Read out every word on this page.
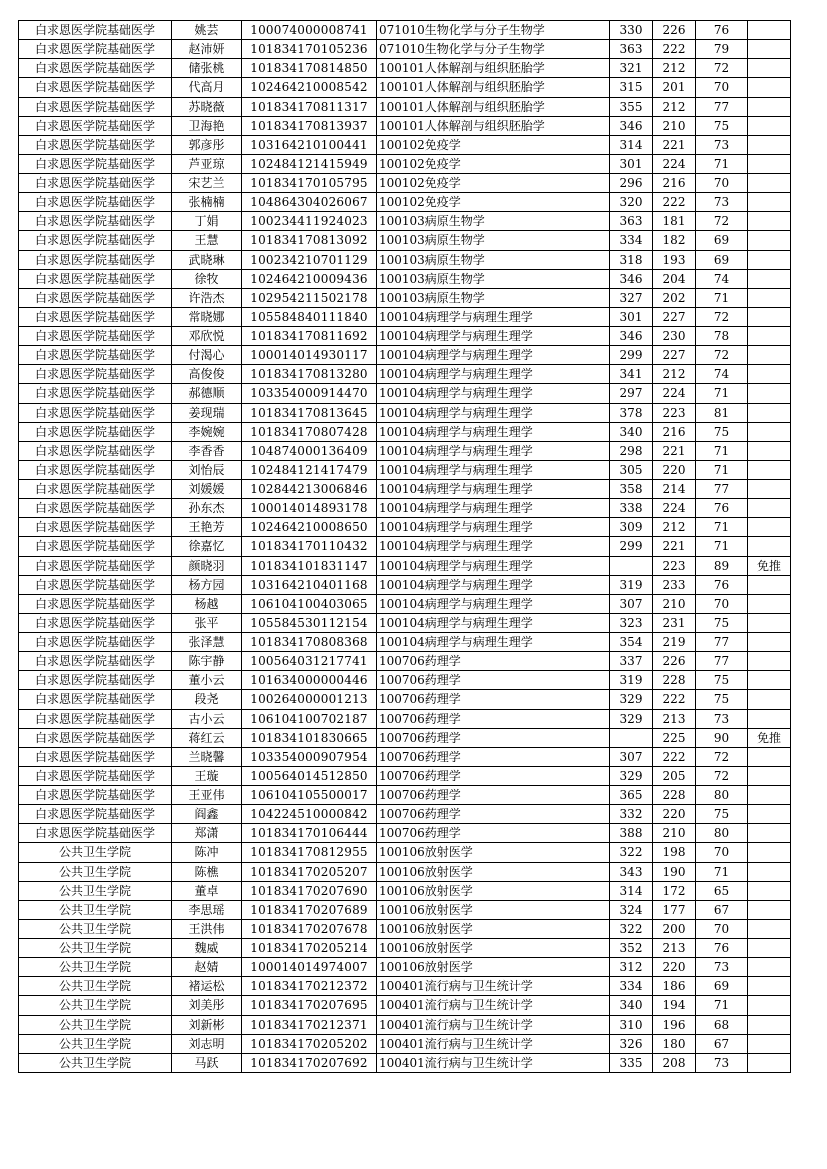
白求恩医学院基础医学	姚芸	100074000008741	071010生物化学与分子生物学	330	226	76	
白求恩医学院基础医学	赵沛妍	101834170105236	071010生物化学与分子生物学	363	222	79	
白求恩医学院基础医学	储张桃	101834170814850	100101人体解剖与组织胚胎学	321	212	72	
白求恩医学院基础医学	代高月	102464210008542	100101人体解剖与组织胚胎学	315	201	70	
白求恩医学院基础医学	苏晓薇	101834170811317	100101人体解剖与组织胚胎学	355	212	77	
白求恩医学院基础医学	卫海艳	101834170813937	100101人体解剖与组织胚胎学	346	210	75	
白求恩医学院基础医学	郭彦彤	103164210100441	100102免疫学	314	221	73	
白求恩医学院基础医学	芦亚琼	102484121415949	100102免疫学	301	224	71	
白求恩医学院基础医学	宋艺兰	101834170105795	100102免疫学	296	216	70	
白求恩医学院基础医学	张楠楠	104864304026067	100102免疫学	320	222	73	
白求恩医学院基础医学	丁娟	100234411924023	100103病原生物学	363	181	72	
白求恩医学院基础医学	王慧	101834170813092	100103病原生物学	334	182	69	
白求恩医学院基础医学	武晓琳	100234210701129	100103病原生物学	318	193	69	
白求恩医学院基础医学	徐牧	102464210009436	100103病原生物学	346	204	74	
白求恩医学院基础医学	许浩杰	102954211502178	100103病原生物学	327	202	71	
白求恩医学院基础医学	常晓娜	105584840111840	100104病理学与病理生理学	301	227	72	
白求恩医学院基础医学	邓欣悦	101834170811692	100104病理学与病理生理学	346	230	78	
白求恩医学院基础医学	付渴心	100014014930117	100104病理学与病理生理学	299	227	72	
白求恩医学院基础医学	高俊俊	101834170813280	100104病理学与病理生理学	341	212	74	
白求恩医学院基础医学	郝德顺	103354000914470	100104病理学与病理生理学	297	224	71	
白求恩医学院基础医学	姜现瑞	101834170813645	100104病理学与病理生理学	378	223	81	
白求恩医学院基础医学	李婉婉	101834170807428	100104病理学与病理生理学	340	216	75	
白求恩医学院基础医学	李香香	104874000136409	100104病理学与病理生理学	298	221	71	
白求恩医学院基础医学	刘怡辰	102484121417479	100104病理学与病理生理学	305	220	71	
白求恩医学院基础医学	刘媛媛	102844213006846	100104病理学与病理生理学	358	214	77	
白求恩医学院基础医学	孙东杰	100014014893178	100104病理学与病理生理学	338	224	76	
白求恩医学院基础医学	王艳芳	102464210008650	100104病理学与病理生理学	309	212	71	
白求恩医学院基础医学	徐嘉忆	101834170110432	100104病理学与病理生理学	299	221	71	
白求恩医学院基础医学	颜晓羽	101834101831147	100104病理学与病理生理学		223	89	免推
白求恩医学院基础医学	杨方园	103164210401168	100104病理学与病理生理学	319	233	76	
白求恩医学院基础医学	杨越	106104100403065	100104病理学与病理生理学	307	210	70	
白求恩医学院基础医学	张平	105584530112154	100104病理学与病理生理学	323	231	75	
白求恩医学院基础医学	张泽慧	101834170808368	100104病理学与病理生理学	354	219	77	
白求恩医学院基础医学	陈宇静	100564031217741	100706药理学	337	226	77	
白求恩医学院基础医学	董小云	101634000000446	100706药理学	319	228	75	
白求恩医学院基础医学	段尧	100264000001213	100706药理学	329	222	75	
白求恩医学院基础医学	古小云	106104100702187	100706药理学	329	213	73	
白求恩医学院基础医学	蒋红云	101834101830665	100706药理学		225	90	免推
白求恩医学院基础医学	兰晓馨	103354000907954	100706药理学	307	222	72	
白求恩医学院基础医学	王璇	100564014512850	100706药理学	329	205	72	
白求恩医学院基础医学	王亚伟	106104105500017	100706药理学	365	228	80	
白求恩医学院基础医学	阎鑫	104224510000842	100706药理学	332	220	75	
白求恩医学院基础医学	郑潇	101834170106444	100706药理学	388	210	80	
公共卫生学院	陈冲	101834170812955	100106放射医学	322	198	70	
公共卫生学院	陈樵	101834170205207	100106放射医学	343	190	71	
公共卫生学院	董卓	101834170207690	100106放射医学	314	172	65	
公共卫生学院	李思瑶	101834170207689	100106放射医学	324	177	67	
公共卫生学院	王洪伟	101834170207678	100106放射医学	322	200	70	
公共卫生学院	魏威	101834170205214	100106放射医学	352	213	76	
公共卫生学院	赵婧	100014014974007	100106放射医学	312	220	73	
公共卫生学院	褚运松	101834170212372	100401流行病与卫生统计学	334	186	69	
公共卫生学院	刘美彤	101834170207695	100401流行病与卫生统计学	340	194	71	
公共卫生学院	刘新彬	101834170212371	100401流行病与卫生统计学	310	196	68	
公共卫生学院	刘志明	101834170205202	100401流行病与卫生统计学	326	180	67	
公共卫生学院	马跃	101834170207692	100401流行病与卫生统计学	335	208	73	
